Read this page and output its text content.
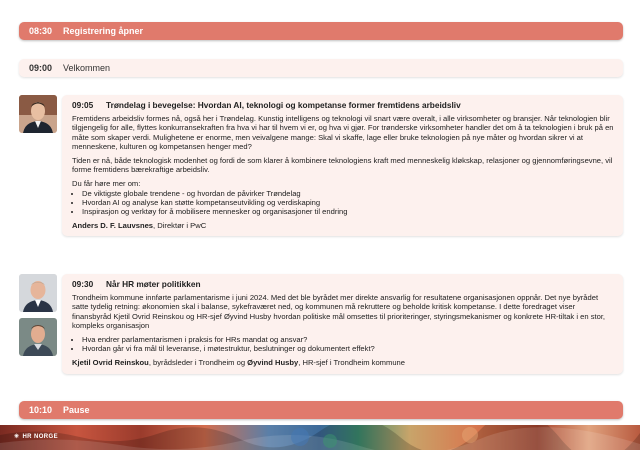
08:30	Registrering åpner
09:00	Velkommen
09:05	Trøndelag i bevegelse: Hvordan AI, teknologi og kompetanse former fremtidens arbeidsliv

Fremtidens arbeidsliv formes nå, også her i Trøndelag. Kunstig intelligens og teknologi vil snart være overalt, i alle virksomheter og bransjer. Når teknologien blir tilgjengelig for alle, flyttes konkurransekraften fra hva vi har til hvem vi er, og hva vi gjør. For trønderske virksomheter handler det om å ta teknologien i bruk på en måte som skaper verdi. Mulighetene er enorme, men veivalgene mange: Skal vi skaffe, lage eller bruke teknologien på nye måter og hvordan sikrer vi at menneskene, kulturen og kompetansen henger med?

Tiden er nå, både teknologisk modenhet og fordi de som klarer å kombinere teknologiens kraft med menneskelig kløkskap, relasjoner og gjennomføringsevne, vil forme fremtidens bærekraftige arbeidsliv.

Du får høre mer om:
• De viktigste globale trendene - og hvordan de påvirker Trøndelag
• Hvordan AI og analyse kan støtte kompetanseutvikling og verdiskaping
• Inspirasjon og verktøy for å mobilisere mennesker og organisasjoner til endring
Anders D. F. Lauvsnes, Direktør i PwC
09:30	Når HR møter politikken

Trondheim kommune innførte parlamentarisme i juni 2024. Med det ble byrådet mer direkte ansvarlig for resultatene organisasjonen oppnår. Det nye byrådet satte tydelig retning: økonomien skal i balanse, sykefraværet ned, og kommunen må rekruttere og beholde kritisk kompetanse. I dette foredraget viser finansbyråd Kjetil Ovrid Reinskou og HR-sjef Øyvind Husby hvordan politiske mål omsettes til prioriteringer, styringsmekanismer og konkrete HR-tiltak i en stor, kompleks organisasjon

• Hva endrer parlamentarismen i praksis for HRs mandat og ansvar?
• Hvordan går vi fra mål til leveranse, i møtestruktur, beslutninger og dokumentert effekt?
Kjetil Ovrid Reinskou, byrådsleder i Trondheim og Øyvind Husby, HR-sjef i Trondheim kommune
10:10	Pause
✳ HR NORGE
